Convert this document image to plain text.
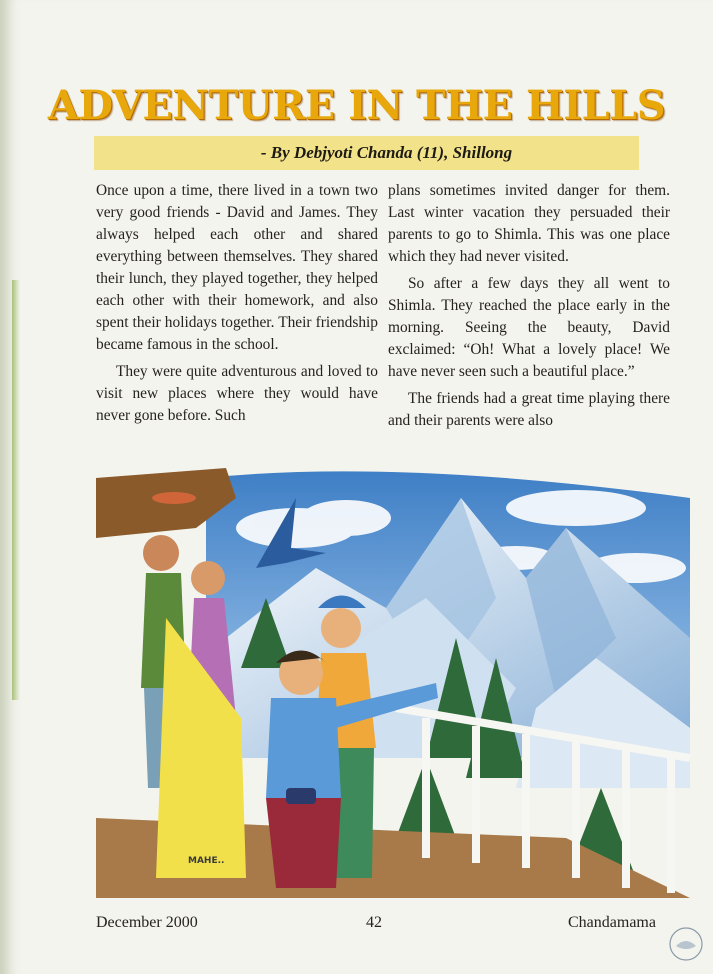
ADVENTURE IN THE HILLS
- By Debjyoti Chanda (11), Shillong

Once upon a time, there lived in a town two very good friends - David and James. They always helped each other and shared everything between themselves. They shared their lunch, they played together, they helped each other with their homework, and also spent their holidays together. Their friendship became famous in the school.

They were quite adventurous and loved to visit new places where they would have never gone before. Such

plans sometimes invited danger for them. Last winter vacation they persuaded their parents to go to Shimla. This was one place which they had never visited.

So after a few days they all went to Shimla. They reached the place early in the morning. Seeing the beauty, David exclaimed: “Oh! What a lovely place! We have never seen such a beautiful place.”

The friends had a great time playing there and their parents were also

MAHE..
December 2000	42	Chandamama
